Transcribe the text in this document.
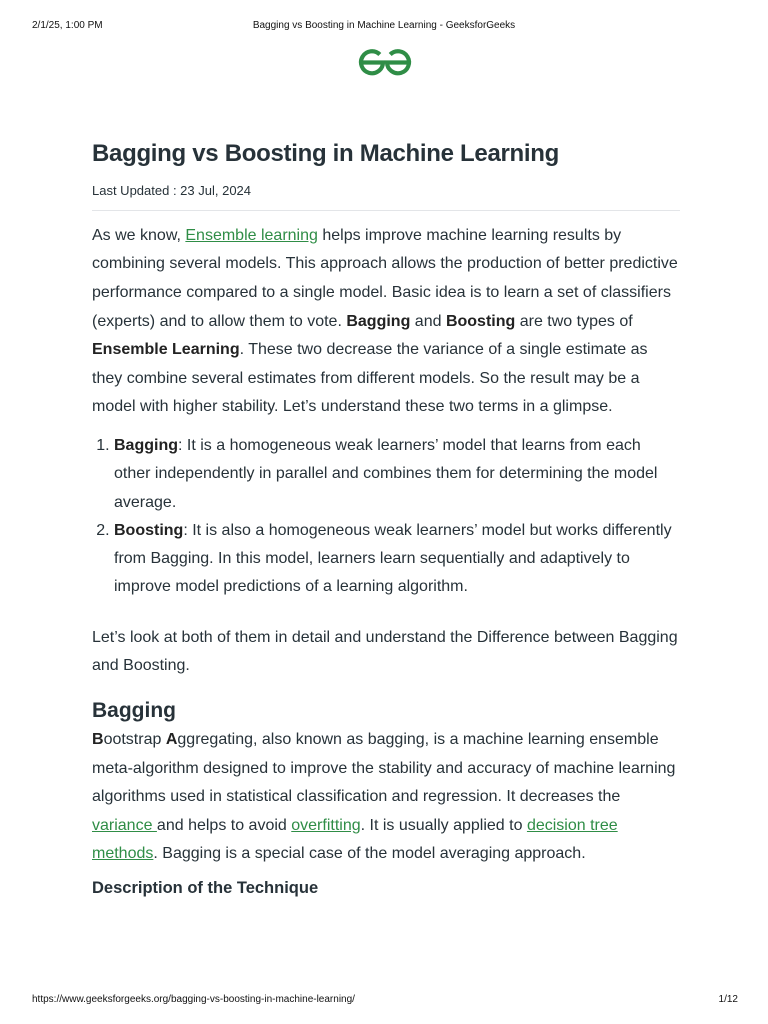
2/1/25, 1:00 PM	Bagging vs Boosting in Machine Learning - GeeksforGeeks
Bagging vs Boosting in Machine Learning
Last Updated : 23 Jul, 2024

As we know, Ensemble learning helps improve machine learning results by combining several models. This approach allows the production of better predictive performance compared to a single model. Basic idea is to learn a set of classifiers (experts) and to allow them to vote. Bagging and Boosting are two types of Ensemble Learning. These two decrease the variance of a single estimate as they combine several estimates from different models. So the result may be a model with higher stability. Let’s understand these two terms in a glimpse.

1. Bagging: It is a homogeneous weak learners’ model that learns from each other independently in parallel and combines them for determining the model average.
2. Boosting: It is also a homogeneous weak learners’ model but works differently from Bagging. In this model, learners learn sequentially and adaptively to improve model predictions of a learning algorithm.

Let’s look at both of them in detail and understand the Difference between Bagging and Boosting.

Bagging

Bootstrap Aggregating, also known as bagging, is a machine learning ensemble meta-algorithm designed to improve the stability and accuracy of machine learning algorithms used in statistical classification and regression. It decreases the variance and helps to avoid overfitting. It is usually applied to decision tree methods. Bagging is a special case of the model averaging approach.

Description of the Technique
https://www.geeksforgeeks.org/bagging-vs-boosting-in-machine-learning/	1/12
